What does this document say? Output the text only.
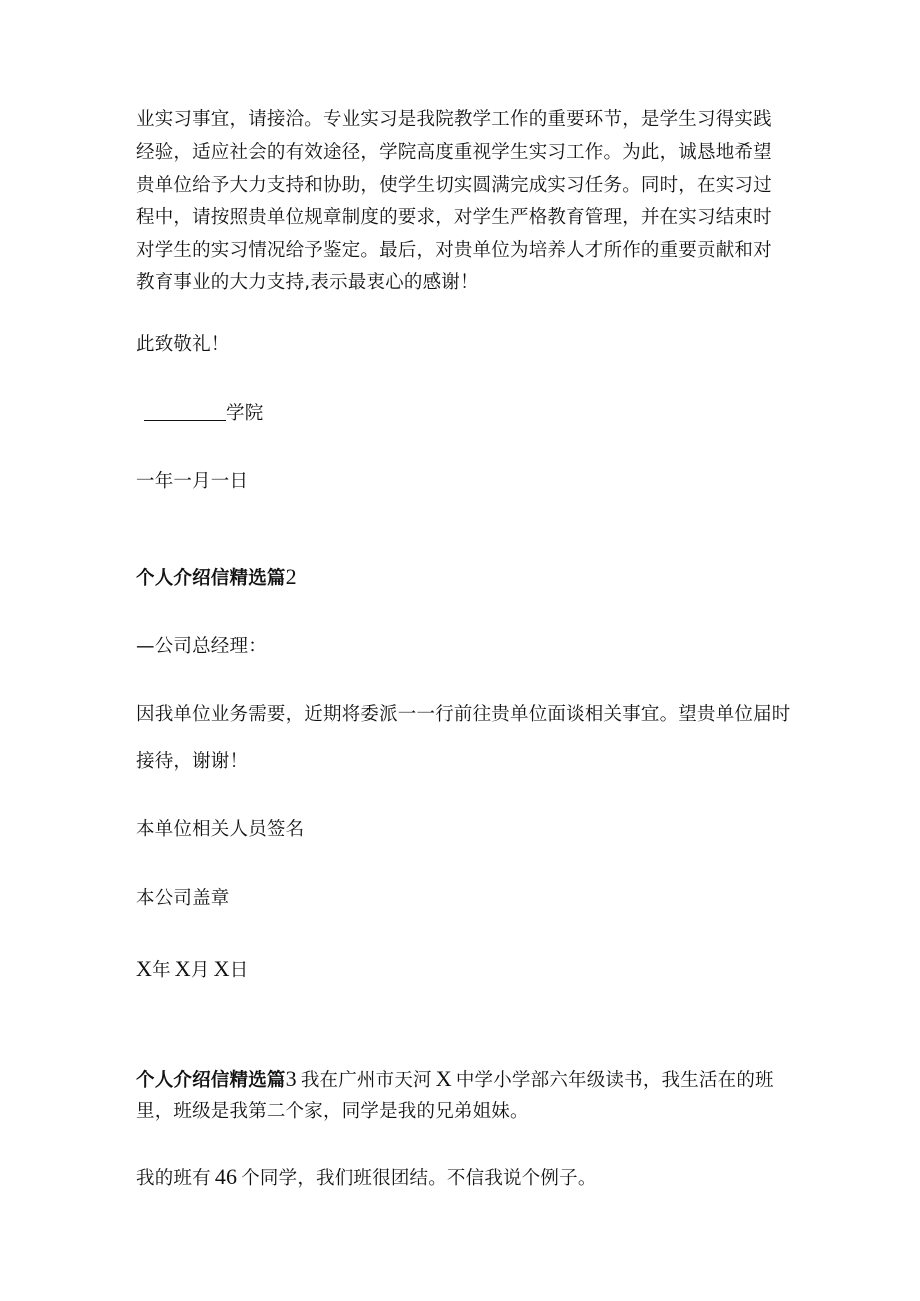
业实习事宜，请接洽。专业实习是我院教学工作的重要环节，是学生习得实践
经验，适应社会的有效途径，学院高度重视学生实习工作。为此，诚恳地希望
贵单位给予大力支持和协助，使学生切实圆满完成实习任务。同时，在实习过
程中，请按照贵单位规章制度的要求，对学生严格教育管理，并在实习结束时
对学生的实习情况给予鉴定。最后，对贵单位为培养人才所作的重要贡献和对
教育事业的大力支持,表示最衷心的感谢！
此致敬礼！
学院
一年一月一日
个人介绍信精选篇2
—公司总经理：
因我单位业务需要，近期将委派一一行前往贵单位面谈相关事宜。望贵单位届时
接待，谢谢！
本单位相关人员签名
本公司盖章
X年 X月 X日
个人介绍信精选篇3 我在广州市天河 X 中学小学部六年级读书，我生活在的班
里，班级是我第二个家，同学是我的兄弟姐妹。
我的班有 46 个同学，我们班很团结。不信我说个例子。
